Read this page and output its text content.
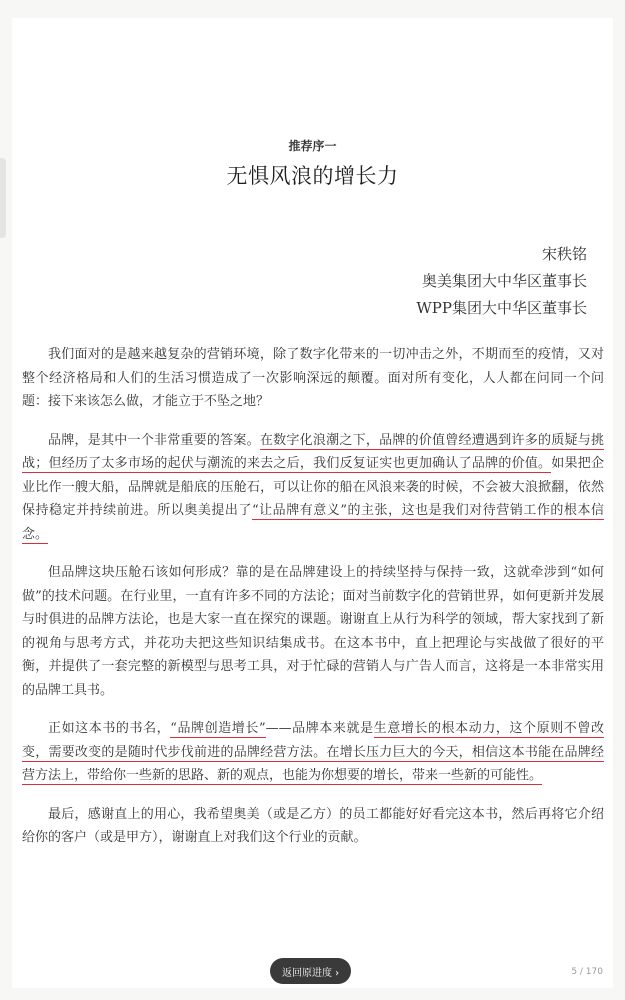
推荐序一
无惧风浪的增长力
宋秩铭
奥美集团大中华区董事长
WPP集团大中华区董事长

我们面对的是越来越复杂的营销环境，除了数字化带来的一切冲击之外，不期而至的疫情，又对整个经济格局和人们的生活习惯造成了一次影响深远的颠覆。面对所有变化，人人都在问同一个问题：接下来该怎么做，才能立于不坠之地？

品牌，是其中一个非常重要的答案。在数字化浪潮之下，品牌的价值曾经遭遇到许多的质疑与挑战；但经历了太多市场的起伏与潮流的来去之后，我们反复证实也更加确认了品牌的价值。如果把企业比作一艘大船，品牌就是船底的压舱石，可以让你的船在风浪来袭的时候，不会被大浪掀翻，依然保持稳定并持续前进。所以奥美提出了“让品牌有意义”的主张，这也是我们对待营销工作的根本信念。

但品牌这块压舱石该如何形成？靠的是在品牌建设上的持续坚持与保持一致，这就牵涉到“如何做”的技术问题。在行业里，一直有许多不同的方法论；面对当前数字化的营销世界，如何更新并发展与时俱进的品牌方法论，也是大家一直在探究的课题。谢谢直上从行为科学的领域，帮大家找到了新的视角与思考方式，并花功夫把这些知识结集成书。在这本书中，直上把理论与实战做了很好的平衡，并提供了一套完整的新模型与思考工具，对于忙碌的营销人与广告人而言，这将是一本非常实用的品牌工具书。

正如这本书的书名，“品牌创造增长”——品牌本来就是生意增长的根本动力，这个原则不曾改变，需要改变的是随时代步伐前进的品牌经营方法。在增长压力巨大的今天，相信这本书能在品牌经营方法上，带给你一些新的思路、新的观点，也能为你想要的增长，带来一些新的可能性。

最后，感谢直上的用心，我希望奥美（或是乙方）的员工都能好好看完这本书，然后再将它介绍给你的客户（或是甲方），谢谢直上对我们这个行业的贡献。

返回原进度 ›	5 / 170
